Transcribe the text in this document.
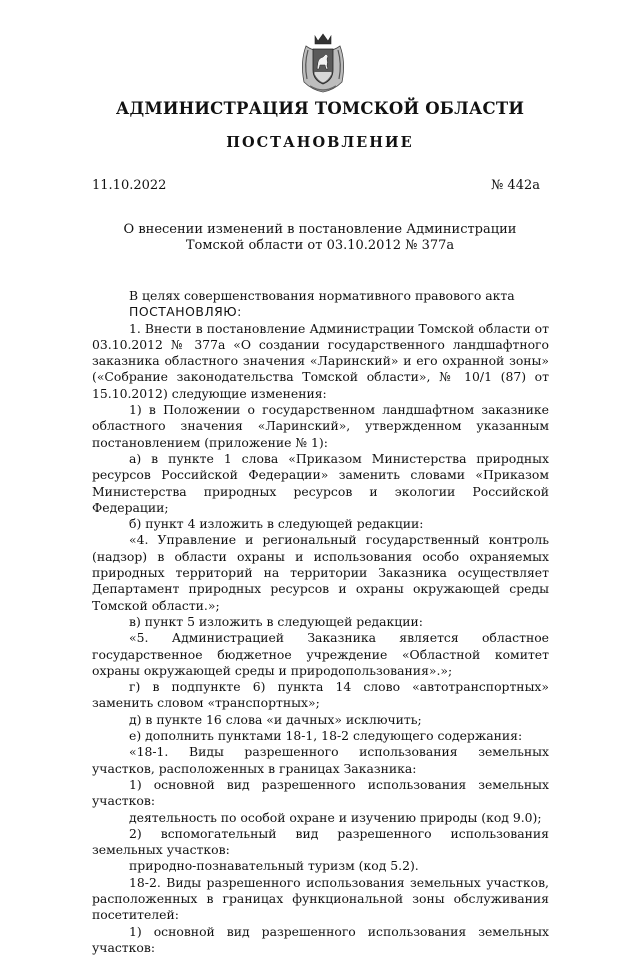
АДМИНИСТРАЦИЯ ТОМСКОЙ ОБЛАСТИ
ПОСТАНОВЛЕНИЕ
11.10.2022	№ 442а
О внесении изменений в постановление Администрации
Томской области от 03.10.2012 № 377а

В целях совершенствования нормативного правового акта

ПОСТАНОВЛЯЮ:

1. Внести в постановление Администрации Томской области от 03.10.2012 № 377а «О создании государственного ландшафтного заказника областного значения «Ларинский» и его охранной зоны» («Собрание законодательства Томской области», № 10/1 (87) от 15.10.2012) следующие изменения:

1) в Положении о государственном ландшафтном заказнике областного значения «Ларинский», утвержденном указанным постановлением (приложение № 1):

а) в пункте 1 слова «Приказом Министерства природных ресурсов Российской Федерации» заменить словами «Приказом Министерства природных ресурсов и экологии Российской Федерации;

б) пункт 4 изложить в следующей редакции:

«4. Управление и региональный государственный контроль (надзор) в области охраны и использования особо охраняемых природных территорий на территории Заказника осуществляет Департамент природных ресурсов и охраны окружающей среды Томской области.»;

в) пункт 5 изложить в следующей редакции:

«5. Администрацией Заказника является областное государственное бюджетное учреждение «Областной комитет охраны окружающей среды и природопользования».»;

г) в подпункте 6) пункта 14 слово «автотранспортных» заменить словом «транспортных»;

д) в пункте 16 слова «и дачных» исключить;

е) дополнить пунктами 18-1, 18-2 следующего содержания:

«18-1. Виды разрешенного использования земельных участков, расположенных в границах Заказника:

1) основной вид разрешенного использования земельных участков:

деятельность по особой охране и изучению природы (код 9.0);

2) вспомогательный вид разрешенного использования земельных участков:

природно-познавательный туризм (код 5.2).

18-2. Виды разрешенного использования земельных участков, расположенных в границах функциональной зоны обслуживания посетителей:

1) основной вид разрешенного использования земельных участков:
